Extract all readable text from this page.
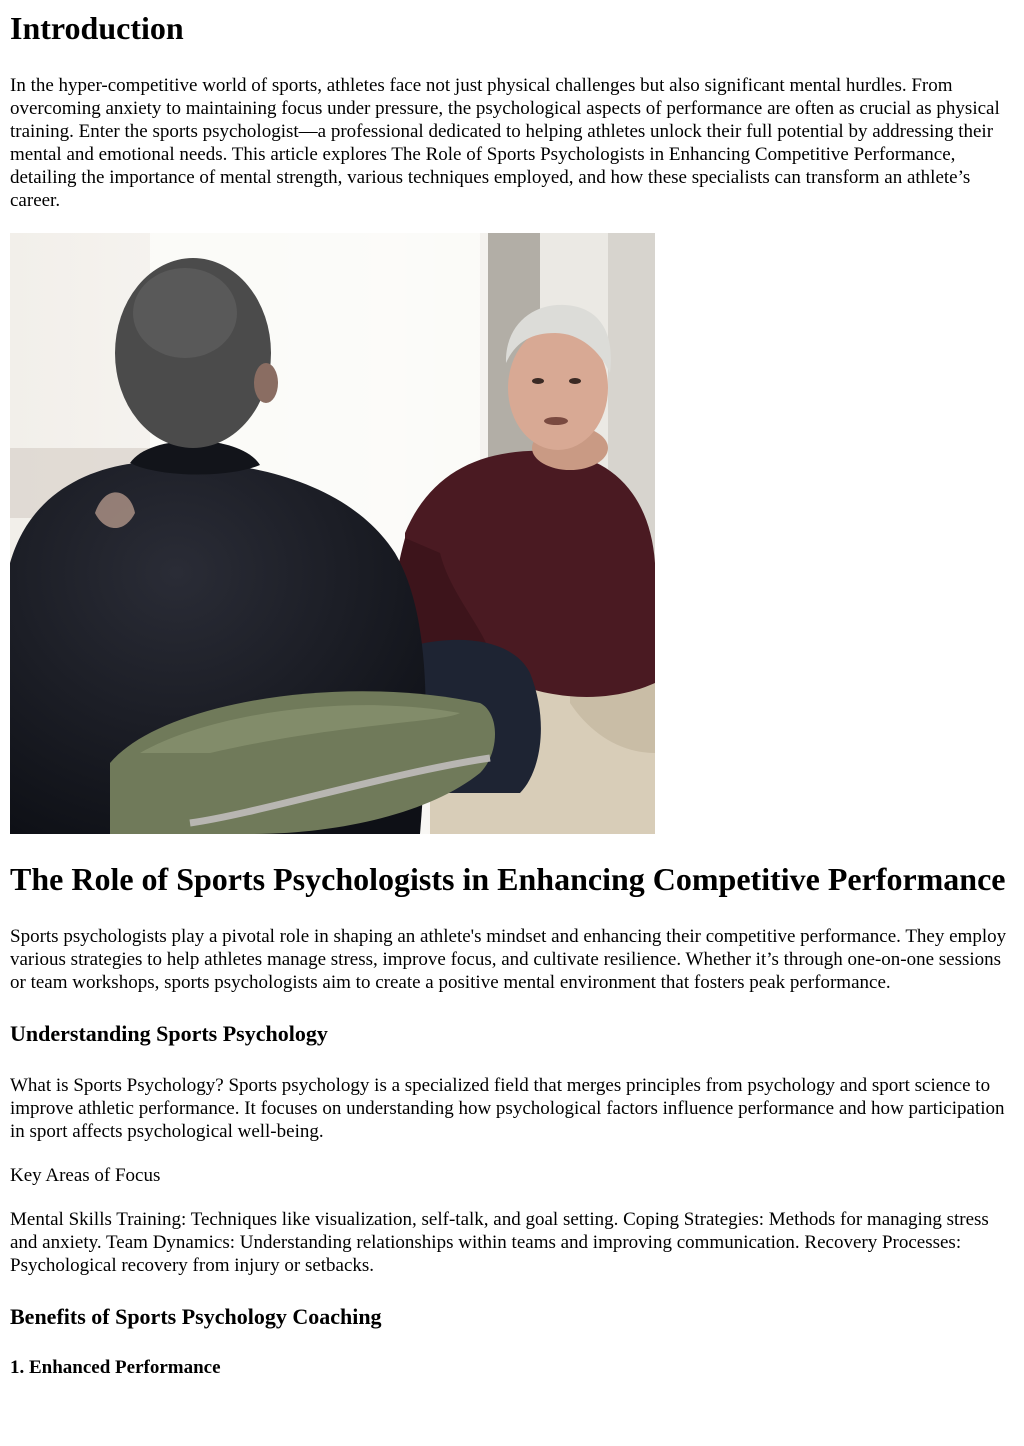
Introduction

In the hyper-competitive world of sports, athletes face not just physical challenges but also significant mental hurdles. From overcoming anxiety to maintaining focus under pressure, the psychological aspects of performance are often as crucial as physical training. Enter the sports psychologist—a professional dedicated to helping athletes unlock their full potential by addressing their mental and emotional needs. This article explores The Role of Sports Psychologists in Enhancing Competitive Performance, detailing the importance of mental strength, various techniques employed, and how these specialists can transform an athlete’s career.

The Role of Sports Psychologists in Enhancing Competitive Performance

Sports psychologists play a pivotal role in shaping an athlete's mindset and enhancing their competitive performance. They employ various strategies to help athletes manage stress, improve focus, and cultivate resilience. Whether it’s through one-on-one sessions or team workshops, sports psychologists aim to create a positive mental environment that fosters peak performance.

Understanding Sports Psychology

What is Sports Psychology? Sports psychology is a specialized field that merges principles from psychology and sport science to improve athletic performance. It focuses on understanding how psychological factors influence performance and how participation in sport affects psychological well-being.

Key Areas of Focus

Mental Skills Training: Techniques like visualization, self-talk, and goal setting. Coping Strategies: Methods for managing stress and anxiety. Team Dynamics: Understanding relationships within teams and improving communication. Recovery Processes: Psychological recovery from injury or setbacks.

Benefits of Sports Psychology Coaching
1. Enhanced Performance
